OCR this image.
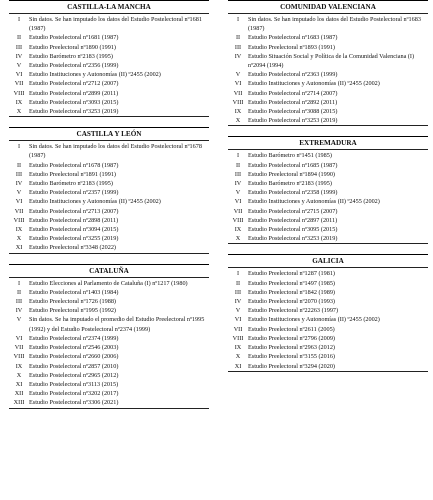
CASTILLA-LA MANCHA
I	Sin datos. Se han imputado los datos del Estudio Postelectoral nº1681 (1987)
II	Estudio Postelectoral nº1681 (1987)
III	Estudio Preelectoral nº1890 (1991)
IV	Estudio Barómetro nº2183 (1995)
V	Estudio Postelectoral nº2356 (1999)
VI	Estudio Instituciones y Autonomías (II) º2455 (2002)
VII Estudio Postelectoral nº2712 (2007)
VIII Estudio Postelectoral nº2899 (2011)
IX	Estudio Postelectoral nº3093 (2015)
X	Estudio Postelectoral nº3253 (2019)
CASTILLA Y LEÓN
I	Sin datos. Se han imputado los datos del Estudio Postelectoral nº1678 (1987)
II	Estudio Postelectoral nº1678 (1987)
III	Estudio Preelectoral nº1891 (1991)
IV	Estudio Barómetro nº2183 (1995)
V	Estudio Postelectoral nº2357 (1999)
VI	Estudio Instituciones y Autonomías (II) º2455 (2002)
VII Estudio Postelectoral nº2713 (2007)
VIII Estudio Postelectoral nº2898 (2011)
IX	Estudio Postelectoral nº3094 (2015)
X	Estudio Postelectoral nº3255 (2019)
XI	Estudio Preelectoral nº3348 (2022)
CATALUÑA
I	Estudio Elecciones al Parlamento de Cataluña (I) nº1217 (1980)
II	Estudio Postelectoral nº1403 (1984)
III	Estudio Preelectoral nº1726 (1988)
IV	Estudio Preelectoral nº1995 (1992)
V	Sin datos. Se ha imputado el promedio del Estudio Preelectoral nº1995 (1992) y del Estudio Postelectoral nº2374 (1999)
VI	Estudio Postelectoral nº2374 (1999)
VII Estudio Postelectoral nº2546 (2003)
VIII Estudio Postelectoral nº2660 (2006)
IX	Estudio Postelectoral nº2857 (2010)
X	Estudio Postelectoral nº2965 (2012)
XI	Estudio Postelectoral nº3113 (2015)
XII Estudio Postelectoral nº3202 (2017)
XIII Estudio Postelectoral nº3306 (2021)
COMUNIDAD VALENCIANA
I	Sin datos. Se han imputado los datos del Estudio Postelectoral nº1683 (1987)
II	Estudio Postelectoral nº1683 (1987)
III	Estudio Preelectoral nº1893 (1991)
IV	Estudio Situación Social y Política de la Comunidad Valenciana (I) nº2094 (1994)
V	Estudio Postelectoral nº2363 (1999)
VI	Estudio Instituciones y Autonomías (II) º2455 (2002)
VII Estudio Postelectoral nº2714 (2007)
VIII Estudio Postelectoral nº2892 (2011)
IX	Estudio Postelectoral nº3088 (2015)
X	Estudio Postelectoral nº3253 (2019)
EXTREMADURA
I	Estudio Barómetro nº1451 (1985)
II	Estudio Postelectoral nº1685 (1987)
III	Estudio Preelectoral nº1894 (1990)
IV	Estudio Barómetro nº2183 (1995)
V	Estudio Postelectoral nº2358 (1999)
VI	Estudio Instituciones y Autonomías (II) º2455 (2002)
VII Estudio Postelectoral nº2715 (2007)
VIII Estudio Postelectoral nº2897 (2011)
IX	Estudio Postelectoral nº3095 (2015)
X	Estudio Postelectoral nº3253 (2019)
GALICIA
I	Estudio Preelectoral nº1287 (1981)
II	Estudio Preelectoral nº1497 (1985)
III	Estudio Preelectoral nº1842 (1989)
IV	Estudio Preelectoral nº2070 (1993)
V	Estudio Preelectoral nº22263 (1997)
VI	Estudio Instituciones y Autonomías (II) º2455 (2002)
VII Estudio Preelectoral nº2611 (2005)
VIII Estudio Preelectoral nº2796 (2009)
IX	Estudio Preelectoral nº2963 (2012)
X	Estudio Preelectoral nº3155 (2016)
XI	Estudio Preelectoral nº3294 (2020)
